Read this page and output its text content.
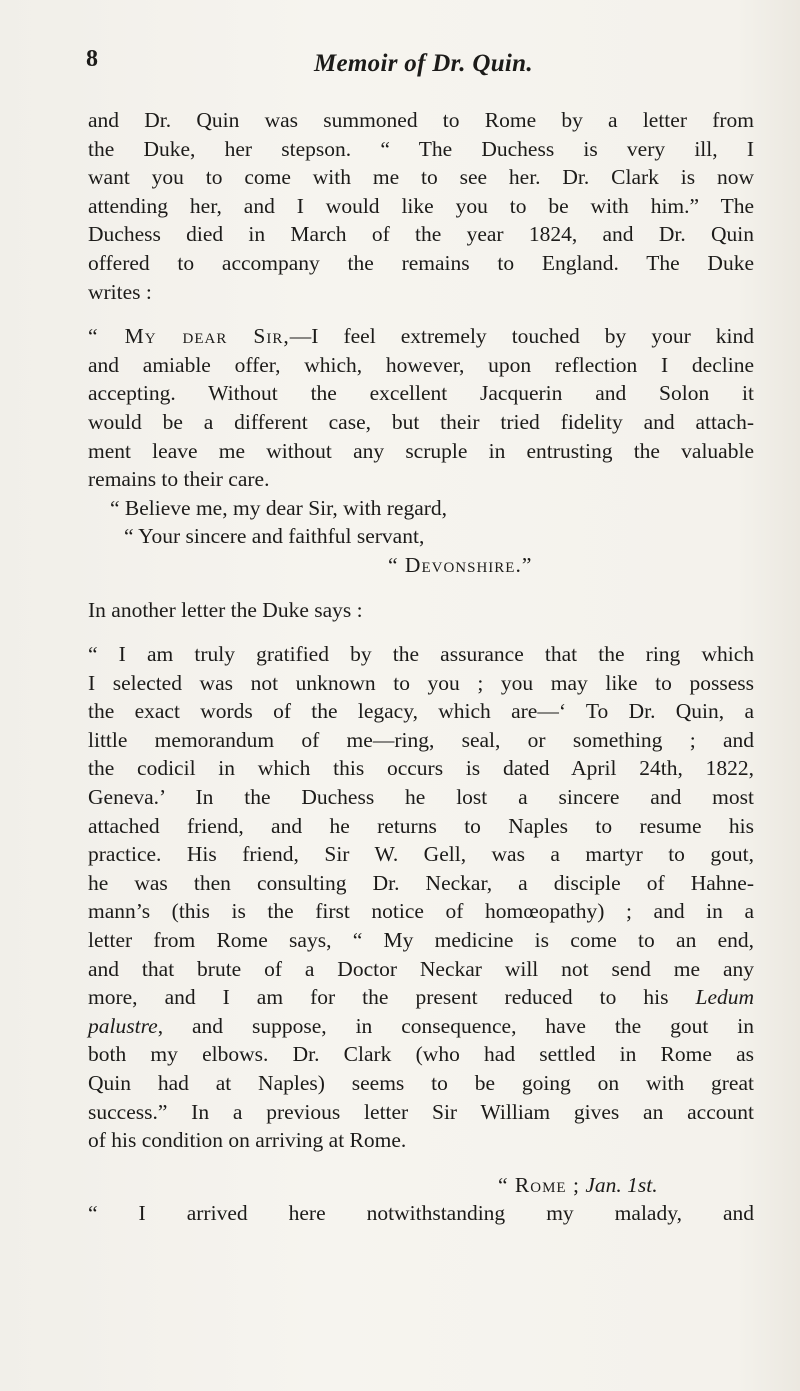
8	Memoir of Dr. Quin.
and Dr. Quin was summoned to Rome by a letter from
the Duke, her stepson. “ The Duchess is very ill, I
want you to come with me to see her. Dr. Clark is now
attending her, and I would like you to be with him.” The
Duchess died in March of the year 1824, and Dr. Quin
offered to accompany the remains to England. The Duke
writes :
“ My dear Sir,—I feel extremely touched by your kind
and amiable offer, which, however, upon reflection I decline
accepting. Without the excellent Jacquerin and Solon it
would be a different case, but their tried fidelity and attach-
ment leave me without any scruple in entrusting the valuable
remains to their care.
“ Believe me, my dear Sir, with regard,
“ Your sincere and faithful servant,
“ Devonshire.”
In another letter the Duke says :
“ I am truly gratified by the assurance that the ring which
I selected was not unknown to you ; you may like to possess
the exact words of the legacy, which are—‘ To Dr. Quin, a
little memorandum of me—ring, seal, or something ; and
the codicil in which this occurs is dated April 24th, 1822,
Geneva.’ In the Duchess he lost a sincere and most
attached friend, and he returns to Naples to resume his
practice. His friend, Sir W. Gell, was a martyr to gout,
he was then consulting Dr. Neckar, a disciple of Hahne-
mann’s (this is the first notice of homœopathy) ; and in a
letter from Rome says, “ My medicine is come to an end,
and that brute of a Doctor Neckar will not send me any
more, and I am for the present reduced to his Ledum
palustre, and suppose, in consequence, have the gout in
both my elbows. Dr. Clark (who had settled in Rome as
Quin had at Naples) seems to be going on with great
success.” In a previous letter Sir William gives an account
of his condition on arriving at Rome.
“ Rome ; Jan. 1st.
“ I arrived here notwithstanding my malady, and
